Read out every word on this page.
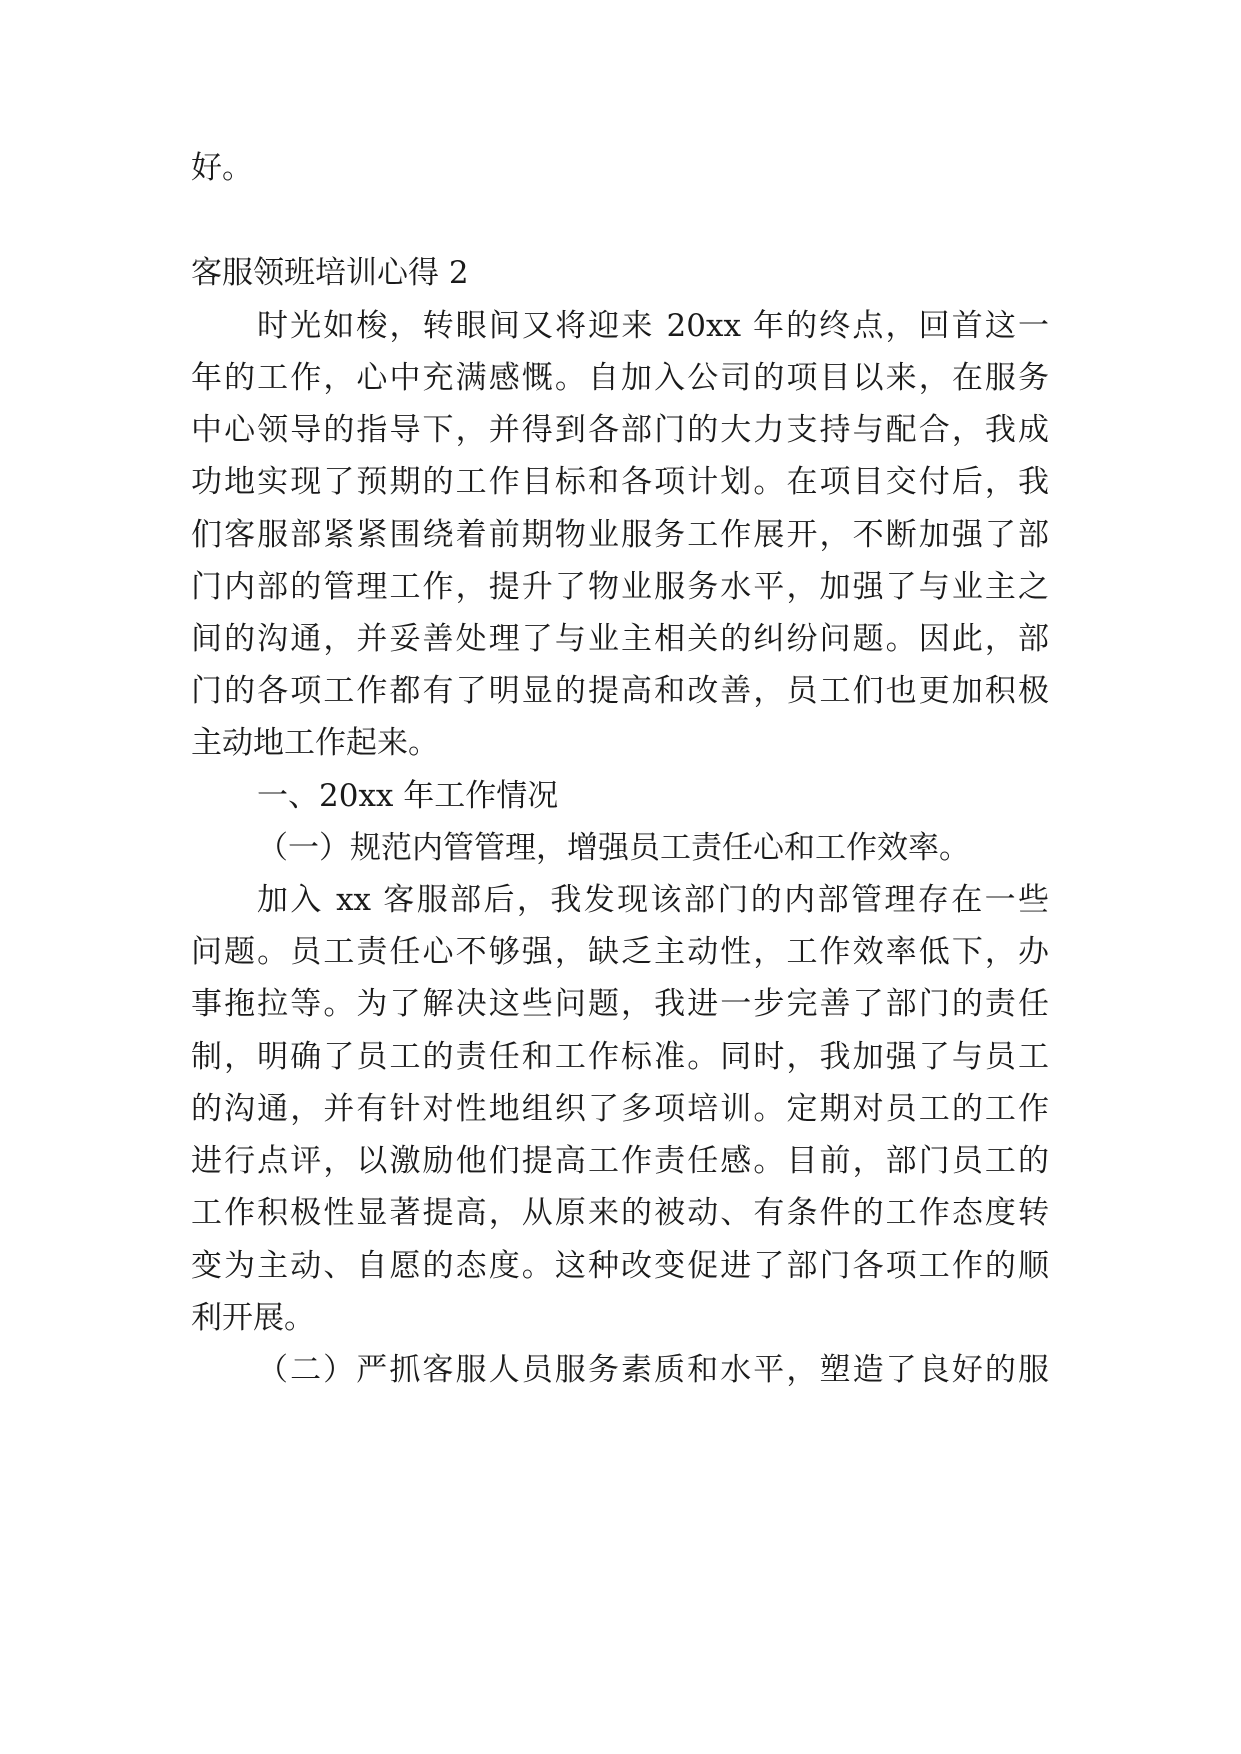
好。

客服领班培训心得 2

时光如梭，转眼间又将迎来 20xx 年的终点，回首这一

年的工作，心中充满感慨。自加入公司的项目以来，在服务

中心领导的指导下，并得到各部门的大力支持与配合，我成

功地实现了预期的工作目标和各项计划。在项目交付后，我

们客服部紧紧围绕着前期物业服务工作展开，不断加强了部

门内部的管理工作，提升了物业服务水平，加强了与业主之

间的沟通，并妥善处理了与业主相关的纠纷问题。因此，部

门的各项工作都有了明显的提高和改善，员工们也更加积极

主动地工作起来。

一、20xx 年工作情况

（一）规范内管管理，增强员工责任心和工作效率。

加入 xx 客服部后，我发现该部门的内部管理存在一些

问题。员工责任心不够强，缺乏主动性，工作效率低下，办

事拖拉等。为了解决这些问题，我进一步完善了部门的责任

制，明确了员工的责任和工作标准。同时，我加强了与员工

的沟通，并有针对性地组织了多项培训。定期对员工的工作

进行点评，以激励他们提高工作责任感。目前，部门员工的

工作积极性显著提高，从原来的被动、有条件的工作态度转

变为主动、自愿的态度。这种改变促进了部门各项工作的顺

利开展。

（二）严抓客服人员服务素质和水平，塑造了良好的服
